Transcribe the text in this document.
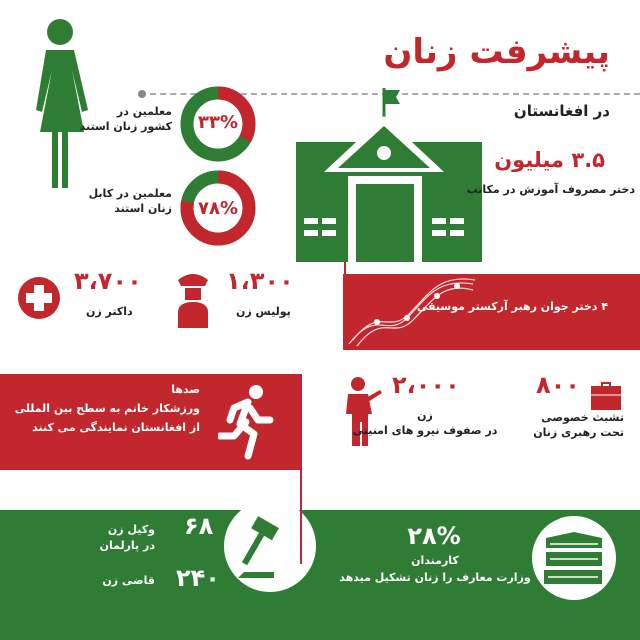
پیشرفت زنان
در افغانستان
۳۳%
معلمین در
کشور زنان استند
۷۸%
معلمین در کابل
زنان استند
۳.۵ میلیون
دختر مصروف آموزش در مکاتب
۳،۷۰۰
داکتر زن
۱،۳۰۰
پولیس زن	۴ دختر جوان رهبر آرکستر موسیقی
صدها
ورزشکار خانم به سطح بین المللی
از افغانستان نمایندگی می کنند
۲،۰۰۰
زن
در صفوف نیرو های امنیتی
۸۰۰
تشبث خصوصی
تحت رهبری زنان
۶۸
وکیل زن
در پارلمان
۲۴۰
قاضی زن
۲۸%
کارمندان
وزارت معارف را زنان تشکیل میدهد
